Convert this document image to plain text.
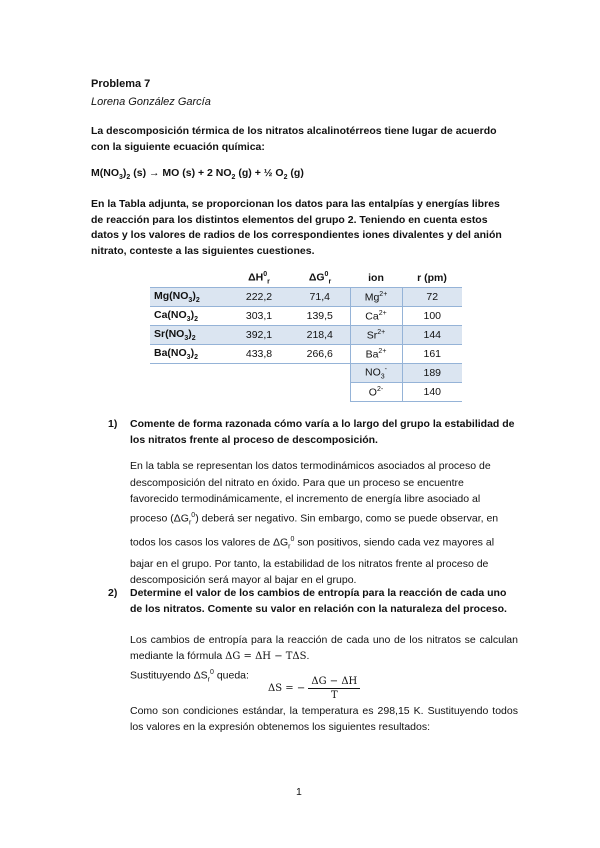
Problema 7
Lorena González García
La descomposición térmica de los nitratos alcalinotérreos tiene lugar de acuerdo con la siguiente ecuación química:
$M(NO_3)_2$ (s) → MO (s) + 2 $NO_2$ (g) + ½ $O_2$ (g)
En la Tabla adjunta, se proporcionan los datos para las entalpías y energías libres de reacción para los distintos elementos del grupo 2. Teniendo en cuenta estos datos y los valores de radios de los correspondientes iones divalentes y del anión nitrato, conteste a las siguientes cuestiones.
	$\Delta H^0_r$	$\Delta G^0_r$	ion	r (pm)
$Mg(NO_3)_2$	222,2	71,4	$Mg^{2+}$	72
$Ca(NO_3)_2$	303,1	139,5	$Ca^{2+}$	100
$Sr(NO_3)_2$	392,1	218,4	$Sr^{2+}$	144
$Ba(NO_3)_2$	433,8	266,6	$Ba^{2+}$	161
			$NO_3^-$	189
			$O^{2-}$	140
1) Comente de forma razonada cómo varía a lo largo del grupo la estabilidad de los nitratos frente al proceso de descomposición.
En la tabla se representan los datos termodinámicos asociados al proceso de descomposición del nitrato en óxido. Para que un proceso se encuentre favorecido termodinámicamente, el incremento de energía libre asociado al proceso $(\Delta G_r^0)$ deberá ser negativo. Sin embargo, como se puede observar, en todos los casos los valores de $\Delta G_r^0$ son positivos, siendo cada vez mayores al bajar en el grupo. Por tanto, la estabilidad de los nitratos frente al proceso de descomposición será mayor al bajar en el grupo.
2) Determine el valor de los cambios de entropía para la reacción de cada uno de los nitratos. Comente su valor en relación con la naturaleza del proceso.
Los cambios de entropía para la reacción de cada uno de los nitratos se calculan mediante la fórmula ΔG = ΔH − TΔS.
Sustituyendo $\Delta S_r^0$ queda:
ΔS = − $\frac{\Delta G - \Delta H}{T}$
Como son condiciones estándar, la temperatura es 298,15 K. Sustituyendo todos los valores en la expresión obtenemos los siguientes resultados:
1
